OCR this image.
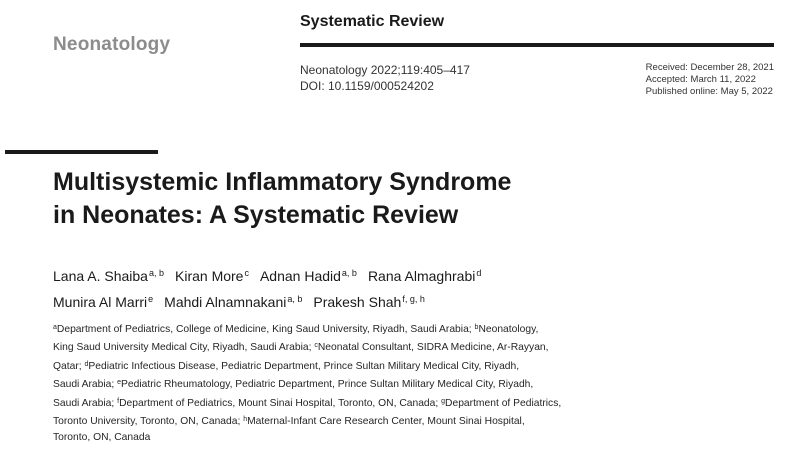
Neonatology
Systematic Review
Neonatology 2022;119:405–417
DOI: 10.1159/000524202
Received: December 28, 2021
Accepted: March 11, 2022
Published online: May 5, 2022
Multisystemic Inflammatory Syndrome
in Neonates: A Systematic Review
Lana A. Shaiba$^{a, b}$ Kiran More$^c$ Adnan Hadid$^{a, b}$ Rana Almaghrabi$^d$
Munira Al Marri$^e$ Mahdi Alnamnakani$^{a, b}$ Prakesh Shah$^{f, g, h}$
$^a$Department of Pediatrics, College of Medicine, King Saud University, Riyadh, Saudi Arabia; $^b$Neonatology,
King Saud University Medical City, Riyadh, Saudi Arabia; $^c$Neonatal Consultant, SIDRA Medicine, Ar-Rayyan,
Qatar; $^d$Pediatric Infectious Disease, Pediatric Department, Prince Sultan Military Medical City, Riyadh,
Saudi Arabia; $^e$Pediatric Rheumatology, Pediatric Department, Prince Sultan Military Medical City, Riyadh,
Saudi Arabia; $^f$Department of Pediatrics, Mount Sinai Hospital, Toronto, ON, Canada; $^g$Department of Pediatrics,
Toronto University, Toronto, ON, Canada; $^h$Maternal-Infant Care Research Center, Mount Sinai Hospital,
Toronto, ON, Canada
